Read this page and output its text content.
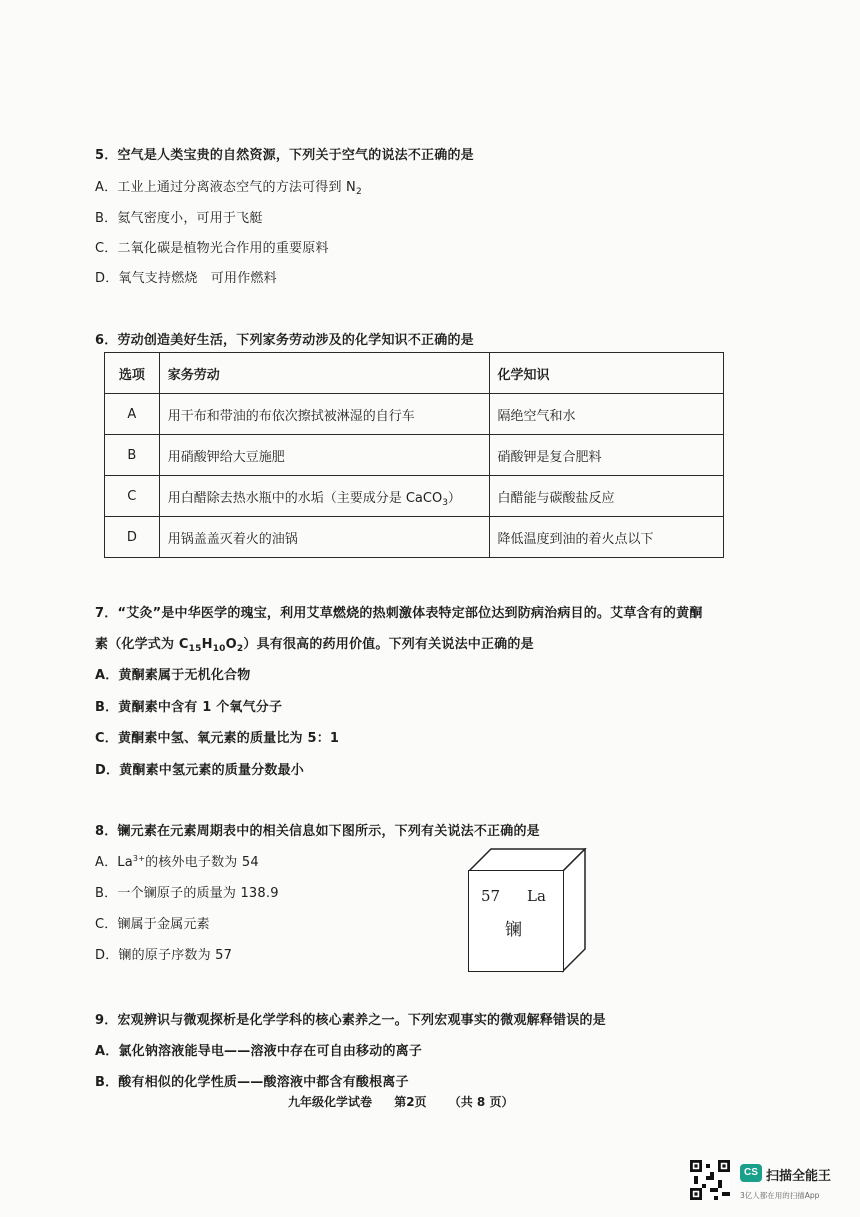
5．空气是人类宝贵的自然资源，下列关于空气的说法不正确的是
A．工业上通过分离液态空气的方法可得到 $N_2$
B．氦气密度小，可用于飞艇
C．二氧化碳是植物光合作用的重要原料
D．氧气支持燃烧　可用作燃料
6．劳动创造美好生活，下列家务劳动涉及的化学知识不正确的是
选项	家务劳动	化学知识
A	用干布和带油的布依次擦拭被淋湿的自行车	隔绝空气和水
B	用硝酸钾给大豆施肥	硝酸钾是复合肥料
C	用白醋除去热水瓶中的水垢（主要成分是 CaCO$_3$）	白醋能与碳酸盐反应
D	用锅盖盖灭着火的油锅	降低温度到油的着火点以下
7．“艾灸”是中华医学的瑰宝，利用艾草燃烧的热刺激体表特定部位达到防病治病目的。艾草含有的黄酮
素（化学式为 $C_{15}H_{10}O_2$）具有很高的药用价值。下列有关说法中正确的是
A．黄酮素属于无机化合物
B．黄酮素中含有 1 个氧气分子
C．黄酮素中氢、氧元素的质量比为 5：1
D．黄酮素中氢元素的质量分数最小
8．镧元素在元素周期表中的相关信息如下图所示，下列有关说法不正确的是
A．$La^{3+}$的核外电子数为 54
B．一个镧原子的质量为 138.9
C．镧属于金属元素
D．镧的原子序数为 57
57 La
镧
9．宏观辨识与微观探析是化学学科的核心素养之一。下列宏观事实的微观解释错误的是
A．氯化钠溶液能导电——溶液中存在可自由移动的离子
B．酸有相似的化学性质——酸溶液中都含有酸根离子
九年级化学试卷 第2页 （共 8 页）
CS 扫描全能王
3亿人都在用的扫描App
